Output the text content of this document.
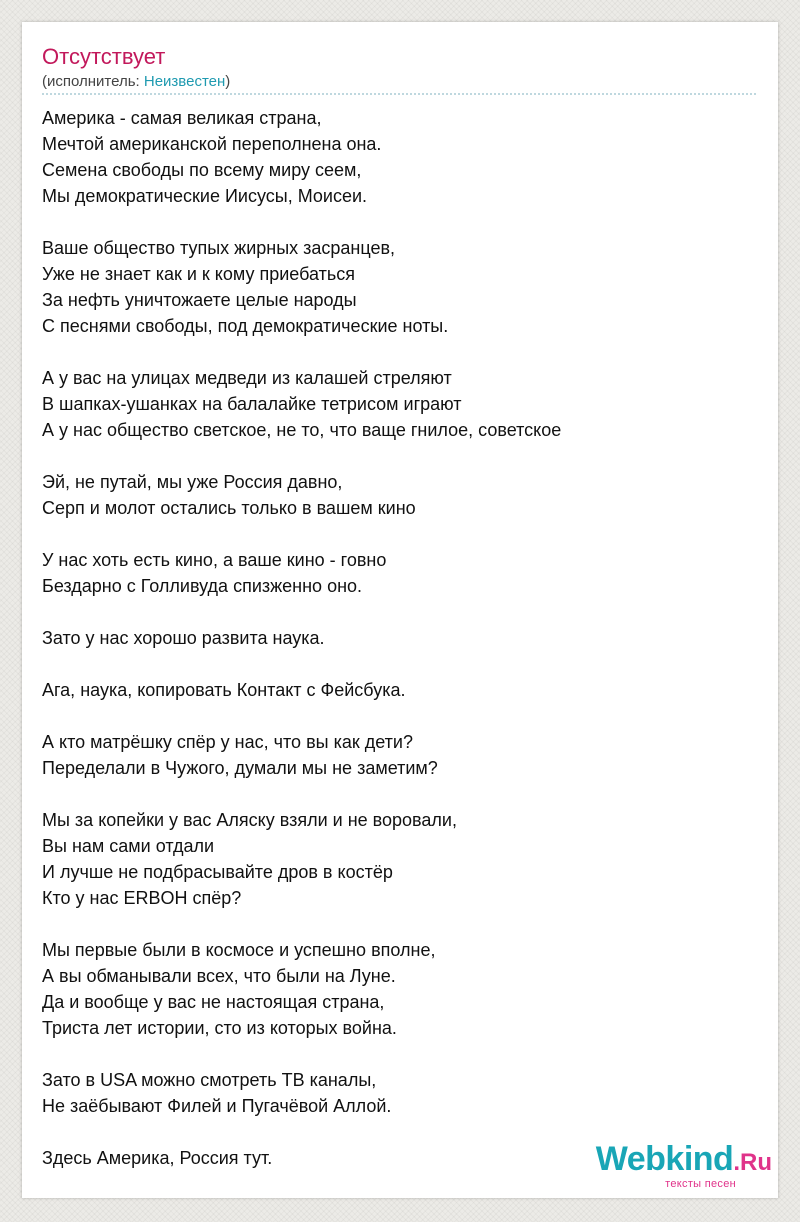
Отсутствует
(исполнитель: Неизвестен)

Америка - самая великая страна,
Мечтой американской переполнена она.
Семена свободы по всему миру сеем,
Мы демократические Иисусы, Моисеи.

Ваше общество тупых жирных засранцев,
Уже не знает как и к кому приебаться
За нефть уничтожаете целые народы
С песнями свободы, под демократические ноты.

А у вас на улицах медведи из калашей стреляют
В шапках-ушанках на балалайке тетрисом играют
А у нас общество светское, не то, что ваще гнилое, советское

Эй, не путай, мы уже Россия давно,
Серп и молот остались только в вашем кино

У нас хоть есть кино, а ваше кино - говно
Бездарно с Голливуда спизженно оно.

Зато у нас хорошо развита наука.

Ага, наука, копировать Контакт с Фейсбука.

А кто матрёшку спёр у нас, что вы как дети?
Переделали в Чужого, думали мы не заметим?

Мы за копейки у вас Аляску взяли и не воровали,
Вы нам сами отдали
И лучше не подбрасывайте дров в костёр
Кто у нас ERBOH спёр?

Мы первые были в космосе и успешно вполне,
А вы обманывали всех, что были на Луне.
Да и вообще у вас не настоящая страна,
Триста лет истории, сто из которых война.

Зато в USA можно смотреть ТВ каналы,
Не заёбывают Филей и Пугачёвой Аллой.

Здесь Америка, Россия тут.	Webkind.Ru
тексты песен
